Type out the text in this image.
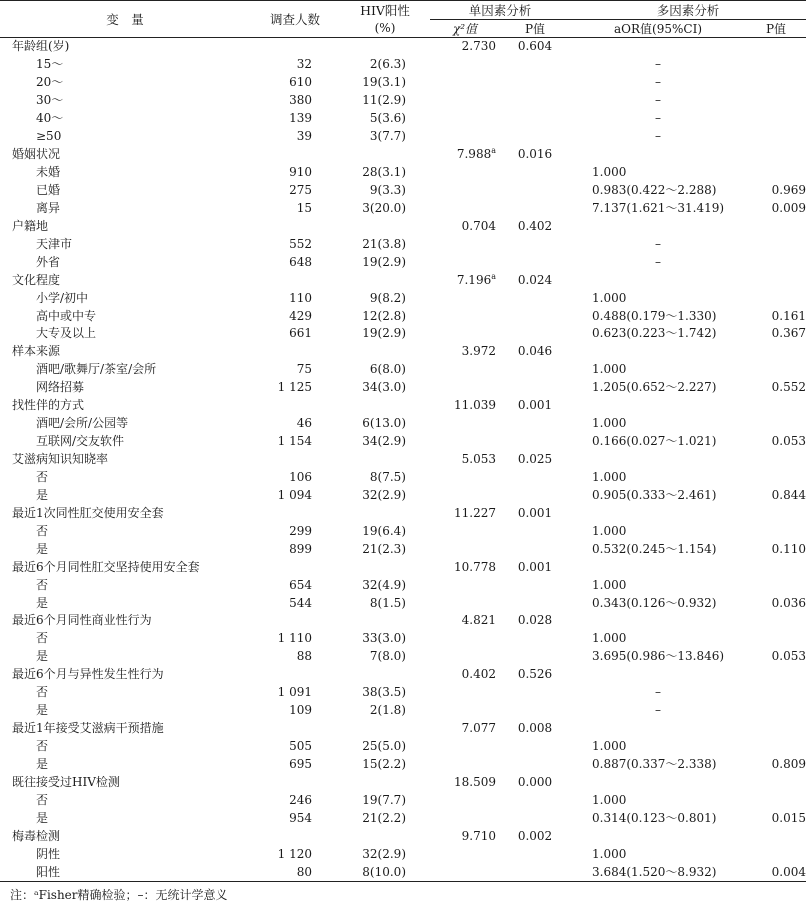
变　量	调查人数	HIV阳性	单因素分析		多因素分析	
		(%)	χ²值	P值	aOR值(95%CI)	P值
年龄组(岁)			2.730	0.604		
15～	32	2(6.3)			–	
20～	610	19(3.1)			–	
30～	380	11(2.9)			–	
40～	139	5(3.6)			–	
≥50	39	3(7.7)			–	
婚姻状况			7.988$^a$	0.016		
未婚	910	28(3.1)			1.000	
已婚	275	9(3.3)			0.983(0.422～2.288)	0.969
离异	15	3(20.0)			7.137(1.621～31.419)	0.009
户籍地			0.704	0.402		
天津市	552	21(3.8)			–	
外省	648	19(2.9)			–	
文化程度			7.196$^a$	0.024		
小学/初中	110	9(8.2)			1.000	
高中或中专	429	12(2.8)			0.488(0.179～1.330)	0.161
大专及以上	661	19(2.9)			0.623(0.223～1.742)	0.367
样本来源			3.972	0.046		
酒吧/歌舞厅/茶室/会所	75	6(8.0)			1.000	
网络招募	1 125	34(3.0)			1.205(0.652～2.227)	0.552
找性伴的方式			11.039	0.001		
酒吧/会所/公园等	46	6(13.0)			1.000	
互联网/交友软件	1 154	34(2.9)			0.166(0.027～1.021)	0.053
艾滋病知识知晓率			5.053	0.025		
否	106	8(7.5)			1.000	
是	1 094	32(2.9)			0.905(0.333～2.461)	0.844
最近1次同性肛交使用安全套			11.227	0.001		
否	299	19(6.4)			1.000	
是	899	21(2.3)			0.532(0.245～1.154)	0.110
最近6个月同性肛交坚持使用安全套			10.778	0.001		
否	654	32(4.9)			1.000	
是	544	8(1.5)			0.343(0.126～0.932)	0.036
最近6个月同性商业性行为			4.821	0.028		
否	1 110	33(3.0)			1.000	
是	88	7(8.0)			3.695(0.986～13.846)	0.053
最近6个月与异性发生性行为			0.402	0.526		
否	1 091	38(3.5)			–	
是	109	2(1.8)			–	
最近1年接受艾滋病干预措施			7.077	0.008		
否	505	25(5.0)			1.000	
是	695	15(2.2)			0.887(0.337～2.338)	0.809
既往接受过HIV检测			18.509	0.000		
否	246	19(7.7)			1.000	
是	954	21(2.2)			0.314(0.123～0.801)	0.015
梅毒检测			9.710	0.002		
阴性	1 120	32(2.9)			1.000	
阳性	80	8(10.0)			3.684(1.520～8.932)	0.004
注：ᵃFisher精确检验；–：无统计学意义
